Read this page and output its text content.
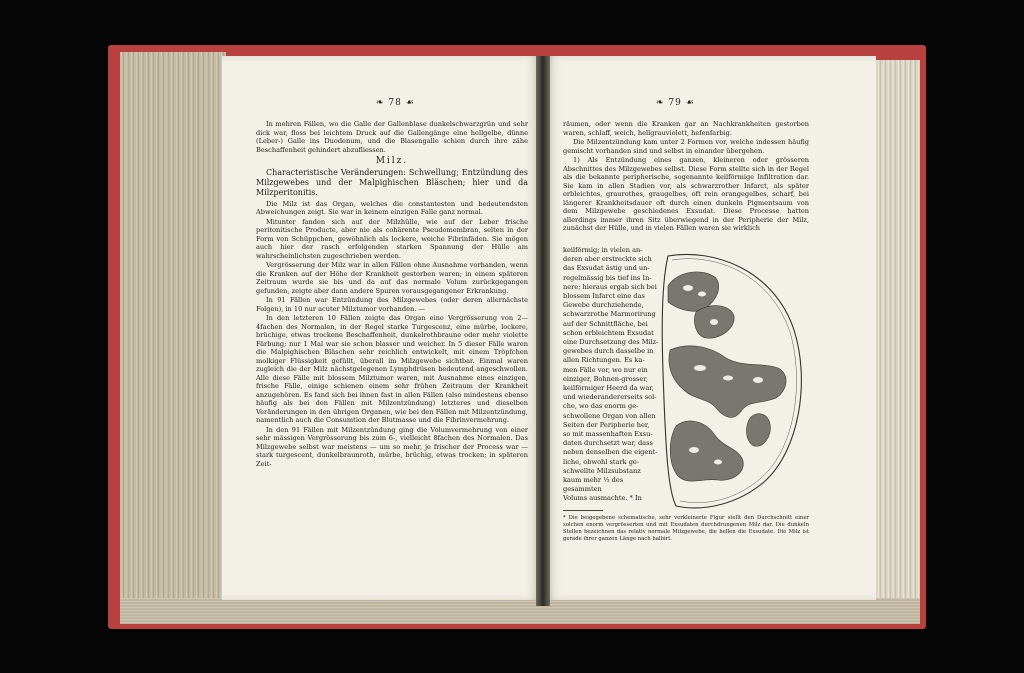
❧ 78 ☙	❧ 79 ☙

In mehren Fällen, wo die Galle der Gallenblase dunkelschwarzgrün und sehr dick war, floss bei leichtem Druck auf die Gallengänge eine hellgelbe, dünne (Leber-) Galle ins Duodenum, und die Blasengalle schien durch ihre zähe Beschaffenheit gehindert abzufliessen.

Milz.
Characteristische Veränderungen: Schwellung; Entzündung des Milzgewebes und der Malpighischen Bläschen; hier und da Milzperitonitis.

Die Milz ist das Organ, welches die constantesten und bedeutendsten Abweichungen zeigt. Sie war in keinem einzigen Falle ganz normal.

Mitunter fanden sich auf der Milzhülle, wie auf der Leber frische peritonitische Producte, aber nie als cohärente Pseudomembran, selten in der Form von Schüppchen, gewöhnlich als lockere, weiche Fibrinfäden. Sie mögen auch hier der rasch erfolgenden starken Spannung der Hülle am wahrscheinlichsten zugeschrieben werden.

Vergrösserung der Milz war in allen Fällen ohne Ausnahme vorhanden, wenn die Kranken auf der Höhe der Krankheit gestorben waren; in einem späteren Zeitraum wurde sie bis und da auf das normale Volum zurückgegangen gefunden, zeigte aber dann andere Spuren vorausgegangener Erkrankung.

In 91 Fällen war Entzündung des Milzgewebes (oder deren allernächste Folgen), in 10 nur acuter Milztumor vorhanden. —

In den letzteren 10 Fällen zeigte das Organ eine Vergrösserung von 2—4fachen des Normalen, in der Regel starke Turgescenz, eine mürbe, lockere, brüchige, etwas trockene Beschaffenheit, dunkelrothbraune oder mehr violette Färbung; nur 1 Mal war sie schon blasser und weicher. In 5 dieser Fälle waren die Malpighischen Bläschen sehr reichlich entwickelt, mit einem Tröpfchen molkiger Flüssigkeit gefüllt, überall im Milzgewebe sichtbar. Einmal waren zugleich die der Milz nächstgelegenen Lymphdrüsen bedeutend angeschwollen. Alle diese Fälle mit blossem Milztumor waren, mit Ausnahme eines einzigen, frische Fälle, einige schienen einem sehr frühen Zeitraum der Krankheit anzugehören. Es fand sich bei ihnen fast in allen Fällen (also mindestens ebenso häufig als bei den Fällen mit Milzentzündung) letzteres und dieselben Veränderungen in den übrigen Organen, wie bei den Fällen mit Milzentzündung, namentlich auch die Consumtion der Blutmasse und die Fibrinvermehrung.

In den 91 Fällen mit Milzentzündung ging die Volumvermehrung von einer sehr mässigen Vergrösserung bis zum 6-, vielleicht 8fachen des Normalen. Das Milzgewebe selbst war meistens — um so mehr, je frischer der Process war — stark turgescent, dunkelbraunroth, mürbe, brüchig, etwas trocken; in späteren Zeit-

räumen, oder wenn die Kranken gar an Nachkrankheiten gestorben waren, schlaff, weich, hellgrauviolett, hefenfarbig.

Die Milzentzündung kam unter 2 Formen vor, welche indessen häufig gemischt vorhanden sind und selbst in einander übergehen.

1) Als Entzündung eines ganzen, kleineren oder grösseren Abschnittes des Milzgewebes selbst. Diese Form stellte sich in der Regel als die bekannte peripherische, sogenannte keilförmige Infiltration dar. Sie kam in allen Stadien vor, als schwarzrother Infarct, als später erbleichtes, graurothes, graugelbes, oft rein orangegelbes, scharf, bei längerer Krankheitsdauer oft durch einen dunkeln Pigmentsaum von dem Milzgewebe geschiedenes Exsudat. Diese Processe hatten allerdings immer ihren Sitz überwiegend in der Peripherie der Milz, zunächst der Hülle, und in vielen Fällen waren sie wirklich

keilförmig; in vielen an-
deren aber erstreckte sich
das Exsudat ästig und un-
regelmässig bis tief ins In-
nere; hieraus ergab sich bei
blossem Infarct eine das
Gewebe durchziehende,
schwarzrothe Marmorirung
auf der Schnittfläche, bei
schon erbleichtem Exsudat
eine Durchsetzung des Milz-
gewebes durch dasselbe in
allen Richtungen. Es ka-
men Fälle vor, wo nur ein
einziger, Bohnen-grosser,
keilförmiger Heerd da war,
und wiederandererseits sol-
che, wo das enorm ge-
schwollene Organ von allen
Seiten der Peripherie her,
so mit massenhaften Exsu-
daten durchsetzt war, dass
neben denselben die eigent-
liche, obwohl stark ge-
schwellte Milzsubstanz
kaum mehr ⅓ des gesammten
Volums ausmachte. * In
* Die beigegebene schematische, sehr verkleinerte Figur stellt den Durchschnitt einer solchen enorm vergrösserten und mit Exsudaten durchdrungenen Milz dar. Die dunkeln Stellen bezeichnen das relativ normale Milzgewebe, die hellen die Exsudate. Die Milz ist gerade ihrer ganzen Länge nach halbirt.
